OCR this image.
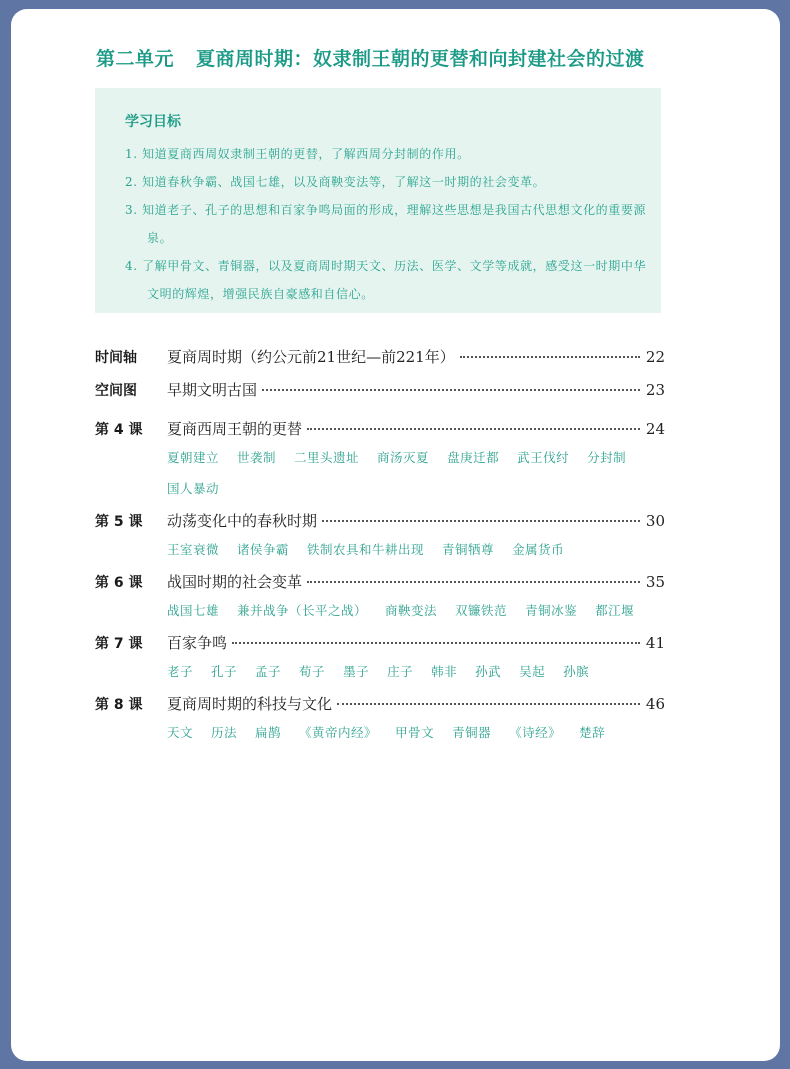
第二单元 夏商周时期：奴隶制王朝的更替和向封建社会的过渡
学习目标
1. 知道夏商西周奴隶制王朝的更替，了解西周分封制的作用。
2. 知道春秋争霸、战国七雄，以及商鞅变法等，了解这一时期的社会变革。
3. 知道老子、孔子的思想和百家争鸣局面的形成，理解这些思想是我国古代思想文化的重要源泉。
4. 了解甲骨文、青铜器，以及夏商周时期天文、历法、医学、文学等成就，感受这一时期中华文明的辉煌，增强民族自豪感和自信心。
时间轴	夏商周时期（约公元前21世纪—前221年）	22
空间图	早期文明古国	23
第 4 课	夏商西周王朝的更替	24
夏朝建立 世袭制 二里头遗址 商汤灭夏 盘庚迁都 武王伐纣 分封制国人暴动
第 5 课	动荡变化中的春秋时期	30
王室衰微 诸侯争霸 铁制农具和牛耕出现 青铜牺尊 金属货币
第 6 课	战国时期的社会变革	35
战国七雄 兼并战争（长平之战） 商鞅变法 双镰铁范 青铜冰鉴 都江堰
第 7 课	百家争鸣	41
老子 孔子 孟子 荀子 墨子 庄子 韩非 孙武 吴起 孙膑
第 8 课	夏商周时期的科技与文化	46
天文 历法 扁鹊 《黄帝内经》 甲骨文 青铜器 《诗经》 楚辞
